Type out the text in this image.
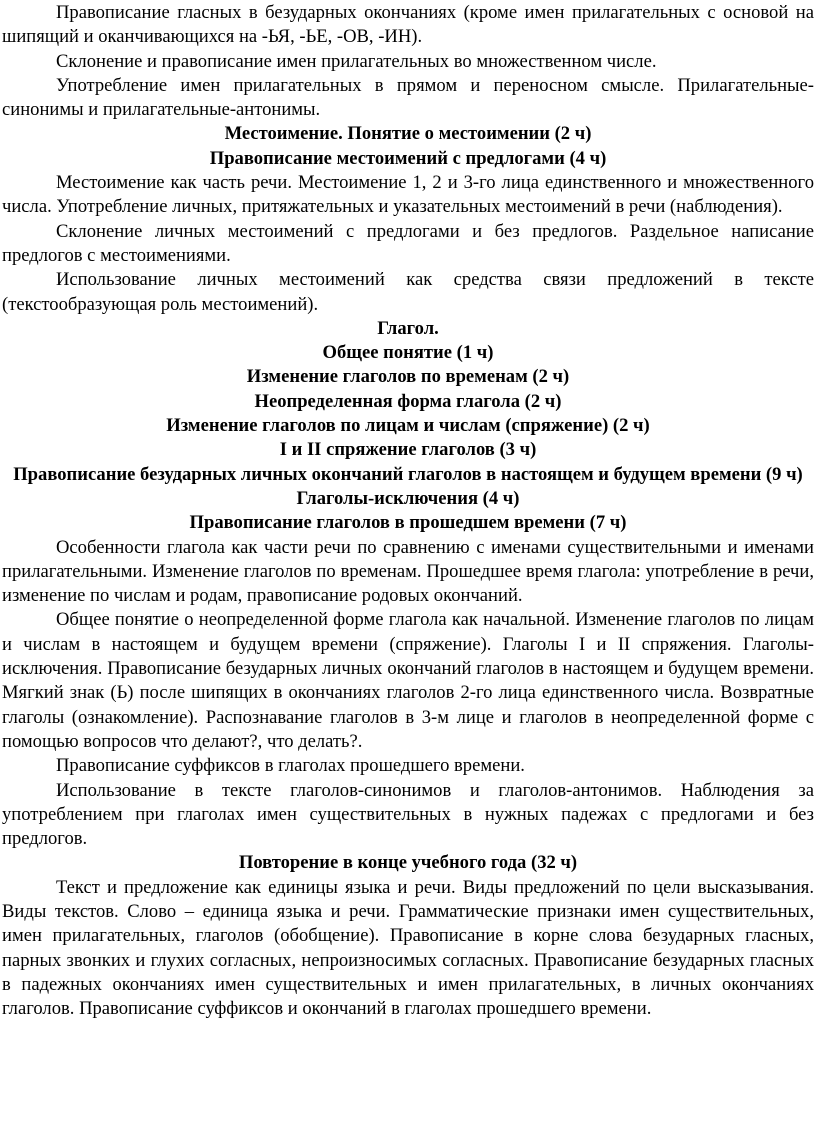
Правописание гласных в безударных окончаниях (кроме имен прилагательных с основой на шипящий и оканчивающихся на -ЬЯ, -ЬЕ, -ОВ, -ИН).

Склонение и правописание имен прилагательных во множественном числе.

Употребление имен прилагательных в прямом и переносном смысле. Прилагательные-синонимы и прилагательные-антонимы.

Местоимение. Понятие о местоимении (2 ч)

Правописание местоимений с предлогами (4 ч)

Местоимение как часть речи. Местоимение 1, 2 и 3-го лица единственного и множественного числа. Употребление личных, притяжательных и указательных местоимений в речи (наблюдения).

Склонение личных местоимений с предлогами и без предлогов. Раздельное написание предлогов с местоимениями.

Использование личных местоимений как средства связи предложений в тексте (текстообразующая роль местоимений).

Глагол.

Общее понятие (1 ч)

Изменение глаголов по временам (2 ч)

Неопределенная форма глагола (2 ч)

Изменение глаголов по лицам и числам (спряжение) (2 ч)

I и II спряжение глаголов (3 ч)

Правописание безударных личных окончаний глаголов в настоящем и будущем времени (9 ч)

Глаголы-исключения (4 ч)

Правописание глаголов в прошедшем времени (7 ч)

Особенности глагола как части речи по сравнению с именами существительными и именами прилагательными. Изменение глаголов по временам. Прошедшее время глагола: употребление в речи, изменение по числам и родам, правописание родовых окончаний.

Общее понятие о неопределенной форме глагола как начальной. Изменение глаголов по лицам и числам в настоящем и будущем времени (спряжение). Глаголы I и II спряжения. Глаголы-исключения. Правописание безударных личных окончаний глаголов в настоящем и будущем времени. Мягкий знак (Ь) после шипящих в окончаниях глаголов 2-го лица единственного числа. Возвратные глаголы (ознакомление). Распознавание глаголов в 3-м лице и глаголов в неопределенной форме с помощью вопросов что делают?, что делать?.

Правописание суффиксов в глаголах прошедшего времени.

Использование в тексте глаголов-синонимов и глаголов-антонимов. Наблюдения за употреблением при глаголах имен существительных в нужных падежах с предлогами и без предлогов.

Повторение в конце учебного года (32 ч)

Текст и предложение как единицы языка и речи. Виды предложений по цели высказывания. Виды текстов. Слово – единица языка и речи. Грамматические признаки имен существительных, имен прилагательных, глаголов (обобщение). Правописание в корне слова безударных гласных, парных звонких и глухих согласных, непроизносимых согласных. Правописание безударных гласных в падежных окончаниях имен существительных и имен прилагательных, в личных окончаниях глаголов. Правописание суффиксов и окончаний в глаголах прошедшего времени.
